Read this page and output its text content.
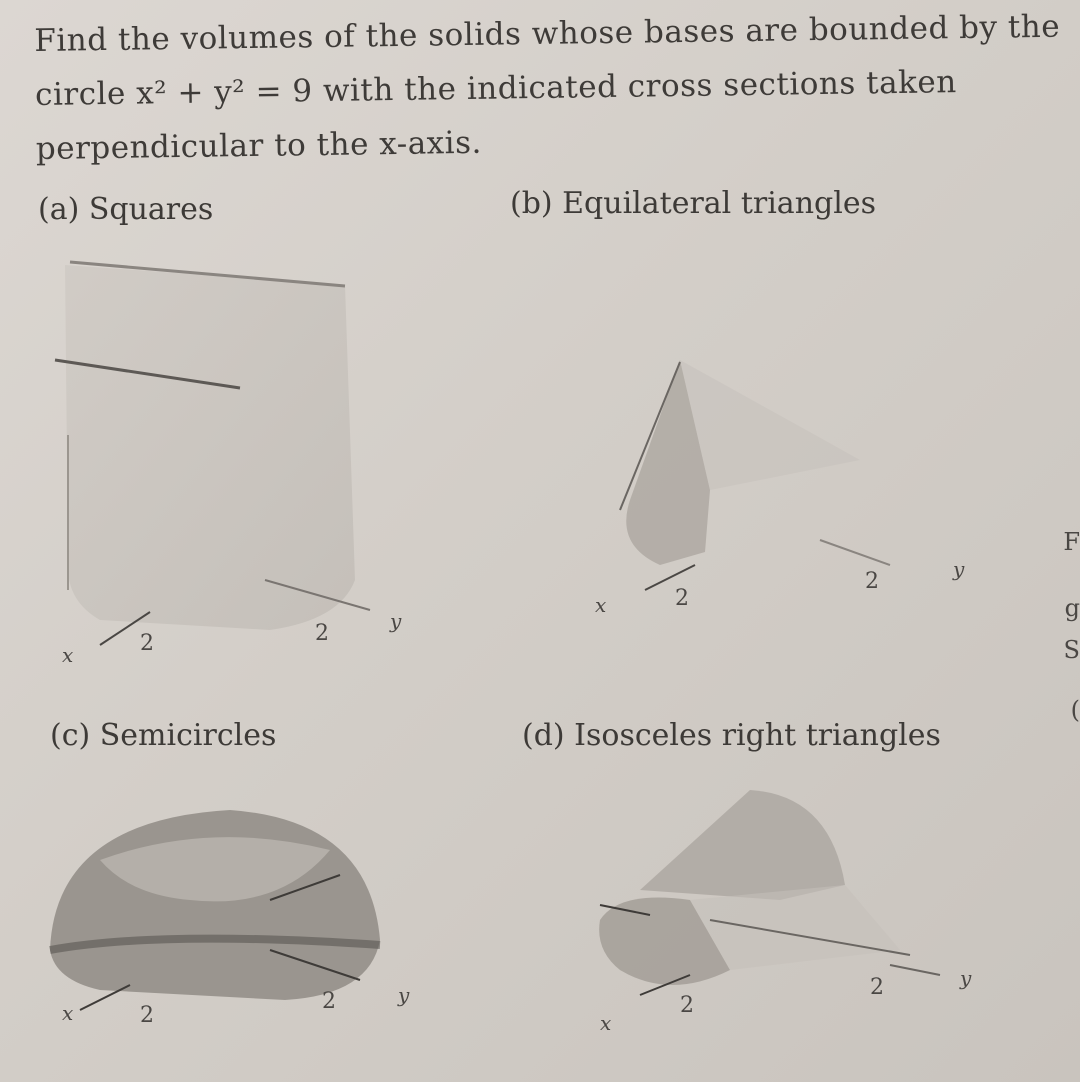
Find the volumes of the solids whose bases are bounded by the
circle x² + y² = 9 with the indicated cross sections taken
perpendicular to the x-axis.
(a) Squares	(b) Equilateral triangles
(c) Semicircles	(d) Isosceles right triangles
2	2	y
x
2
2	y
x
2
2	y
x	2
2	y
x
F
g
S
(
